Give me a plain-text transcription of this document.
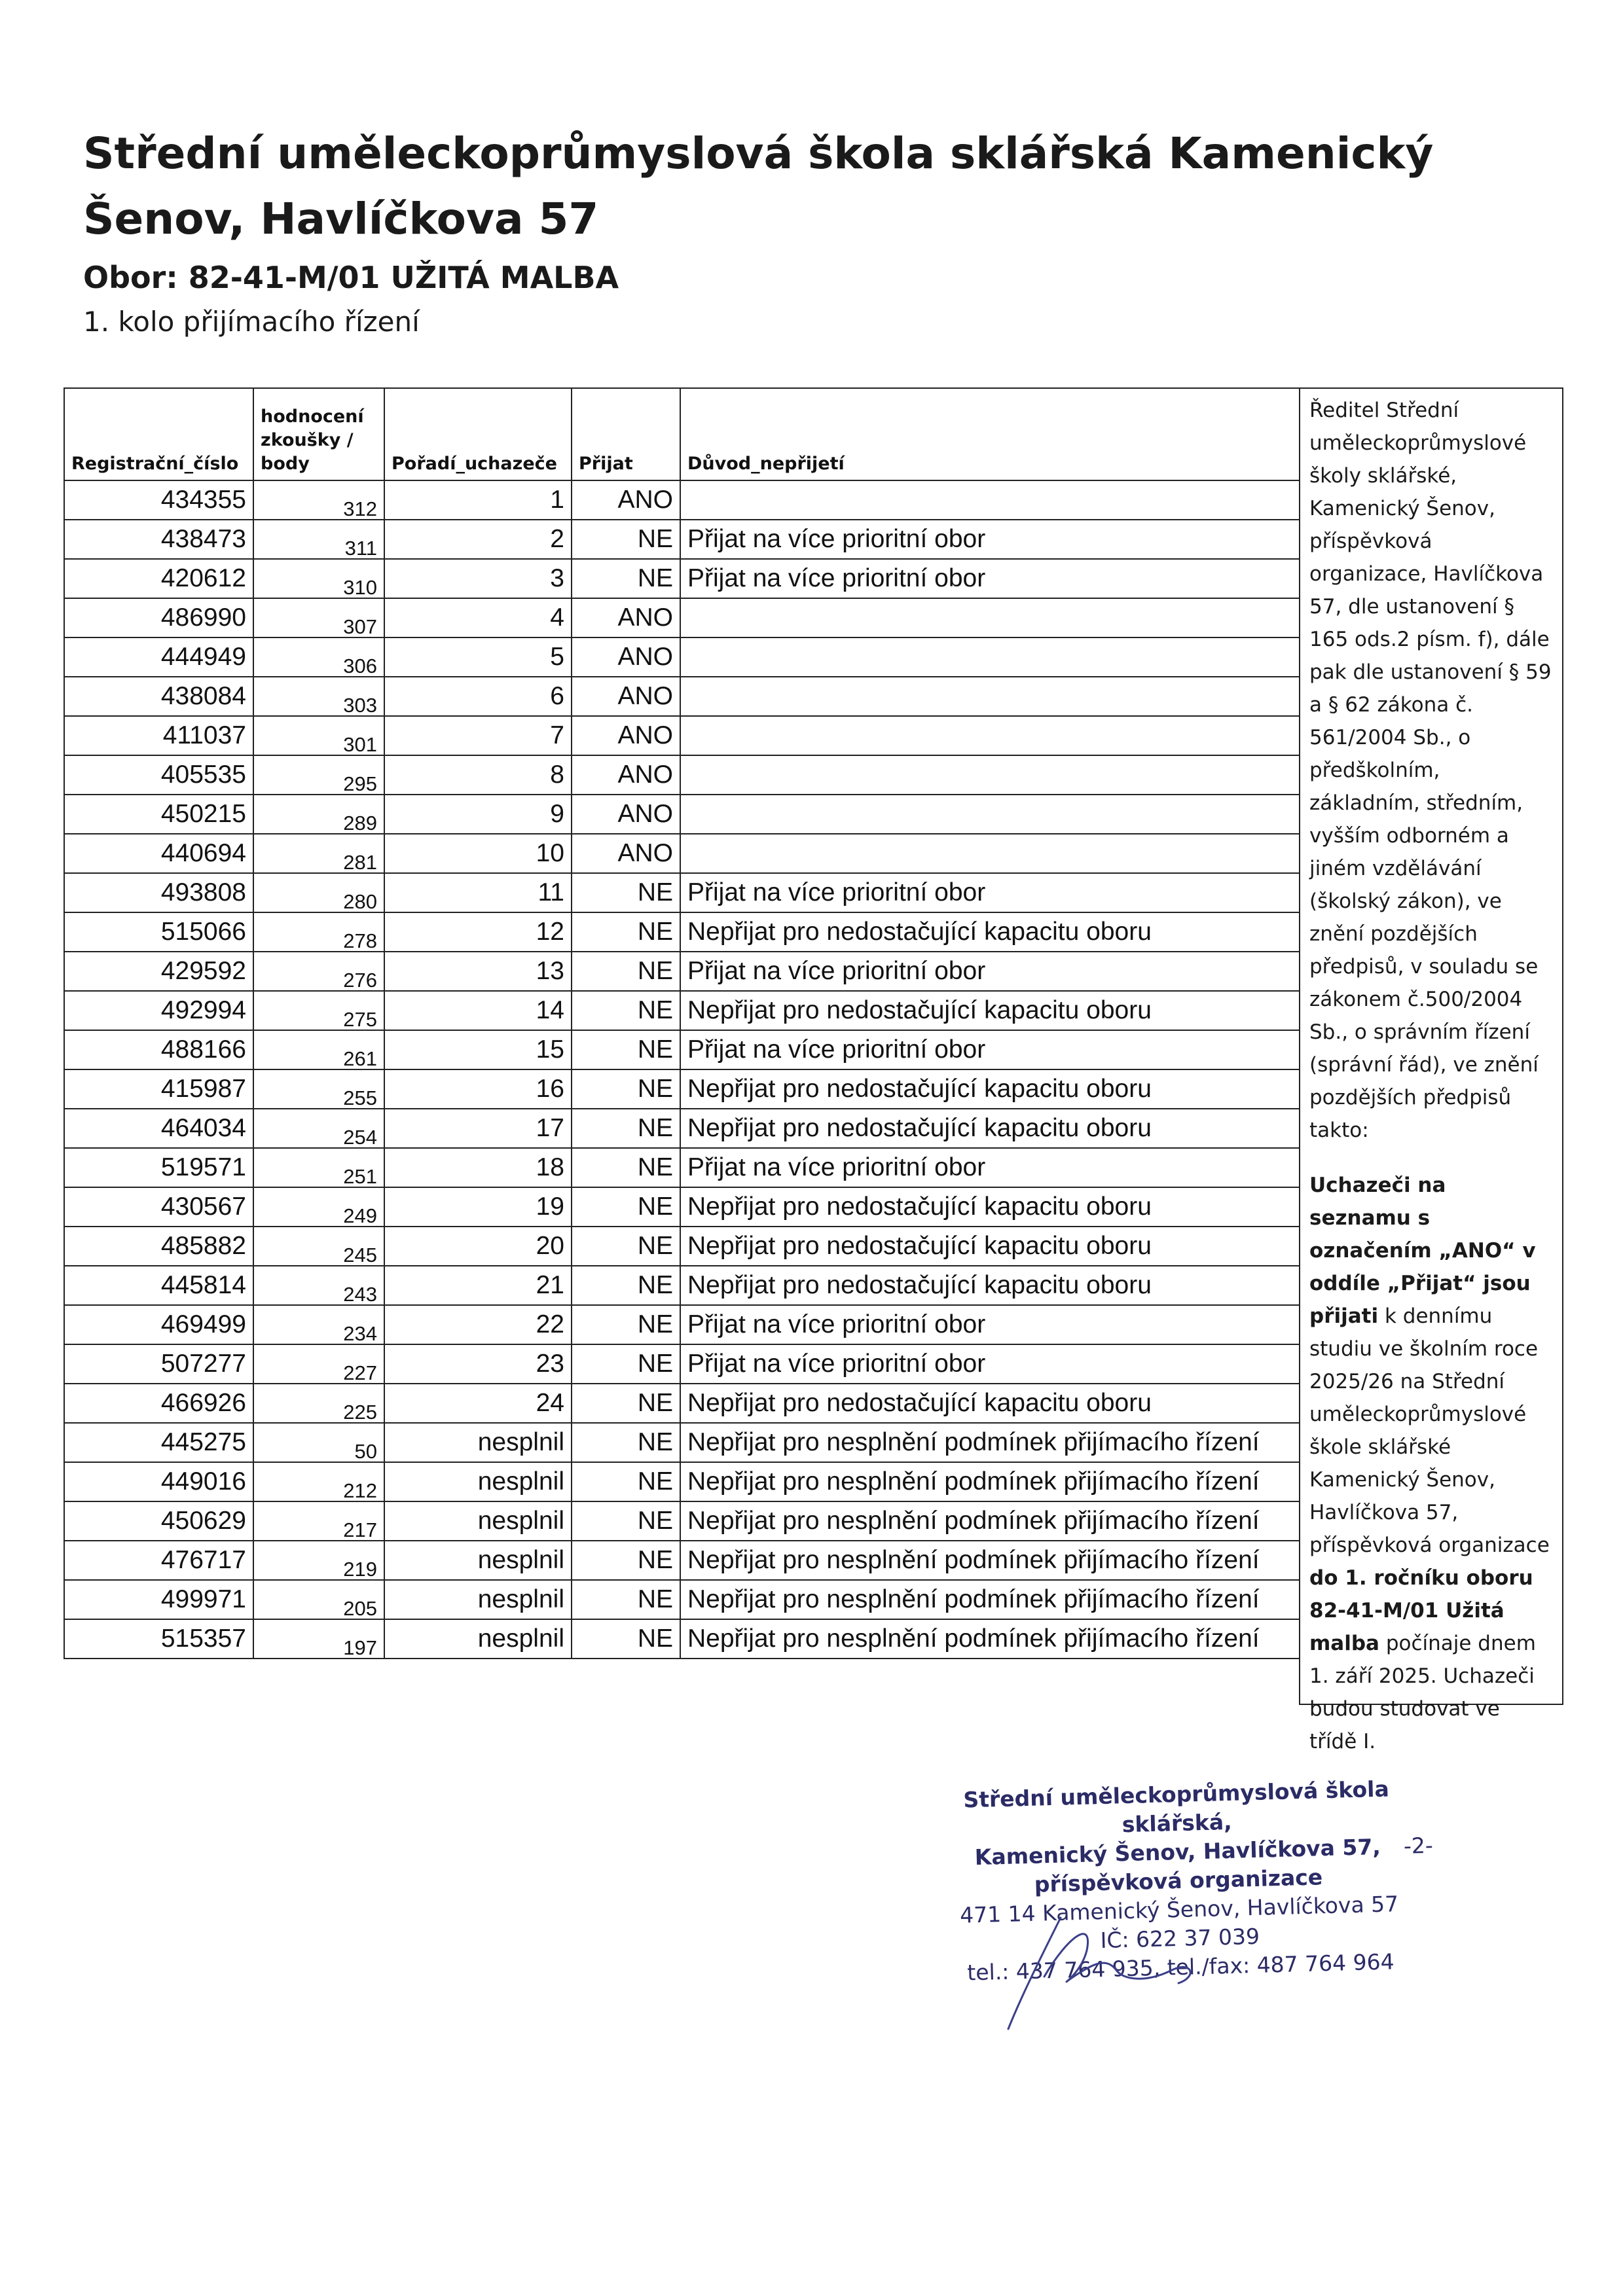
Střední uměleckoprůmyslová škola sklářská Kamenický Šenov, Havlíčkova 57
Obor: 82-41-M/01 UŽITÁ MALBA
1. kolo přijímacího řízení
Registrační_číslo	hodnocení zkoušky / body	Pořadí_uchazeče	Přijat	Důvod_nepřijetí
434355	312	1	ANO	
438473	311	2	NE	Přijat na více prioritní obor
420612	310	3	NE	Přijat na více prioritní obor
486990	307	4	ANO	
444949	306	5	ANO	
438084	303	6	ANO	
411037	301	7	ANO	
405535	295	8	ANO	
450215	289	9	ANO	
440694	281	10	ANO	
493808	280	11	NE	Přijat na více prioritní obor
515066	278	12	NE	Nepřijat pro nedostačující kapacitu oboru
429592	276	13	NE	Přijat na více prioritní obor
492994	275	14	NE	Nepřijat pro nedostačující kapacitu oboru
488166	261	15	NE	Přijat na více prioritní obor
415987	255	16	NE	Nepřijat pro nedostačující kapacitu oboru
464034	254	17	NE	Nepřijat pro nedostačující kapacitu oboru
519571	251	18	NE	Přijat na více prioritní obor
430567	249	19	NE	Nepřijat pro nedostačující kapacitu oboru
485882	245	20	NE	Nepřijat pro nedostačující kapacitu oboru
445814	243	21	NE	Nepřijat pro nedostačující kapacitu oboru
469499	234	22	NE	Přijat na více prioritní obor
507277	227	23	NE	Přijat na více prioritní obor
466926	225	24	NE	Nepřijat pro nedostačující kapacitu oboru
445275	50	nesplnil	NE	Nepřijat pro nesplnění podmínek přijímacího řízení
449016	212	nesplnil	NE	Nepřijat pro nesplnění podmínek přijímacího řízení
450629	217	nesplnil	NE	Nepřijat pro nesplnění podmínek přijímacího řízení
476717	219	nesplnil	NE	Nepřijat pro nesplnění podmínek přijímacího řízení
499971	205	nesplnil	NE	Nepřijat pro nesplnění podmínek přijímacího řízení
515357	197	nesplnil	NE	Nepřijat pro nesplnění podmínek přijímacího řízení

Ředitel Střední uměleckoprůmyslové školy sklářské, Kamenický Šenov, příspěvková organizace, Havlíčkova 57, dle ustanovení § 165 ods.2 písm. f), dále pak dle ustanovení § 59 a § 62 zákona č. 561/2004 Sb., o předškolním, základním, středním, vyšším odborném a jiném vzdělávání (školský zákon), ve znění pozdějších předpisů, v souladu se zákonem č.500/2004 Sb., o správním řízení (správní řád), ve znění pozdějších předpisů takto:

Uchazeči na seznamu s označením „ANO“ v oddíle „Přijat“ jsou přijati k dennímu studiu ve školním roce 2025/26 na Střední uměleckoprůmyslové škole sklářské Kamenický Šenov, Havlíčkova 57, příspěvková organizace do 1. ročníku oboru 82-41-M/01 Užitá malba počínaje dnem 1. září 2025. Uchazeči budou studovat ve třídě I.

Střední uměleckoprůmyslová škola sklářská,
Kamenický Šenov, Havlíčkova 57,
příspěvková organizace
-2-
471 14 Kamenický Šenov, Havlíčkova 57
IČ: 622 37 039
tel.: 437 764 935, tel./fax: 487 764 964
